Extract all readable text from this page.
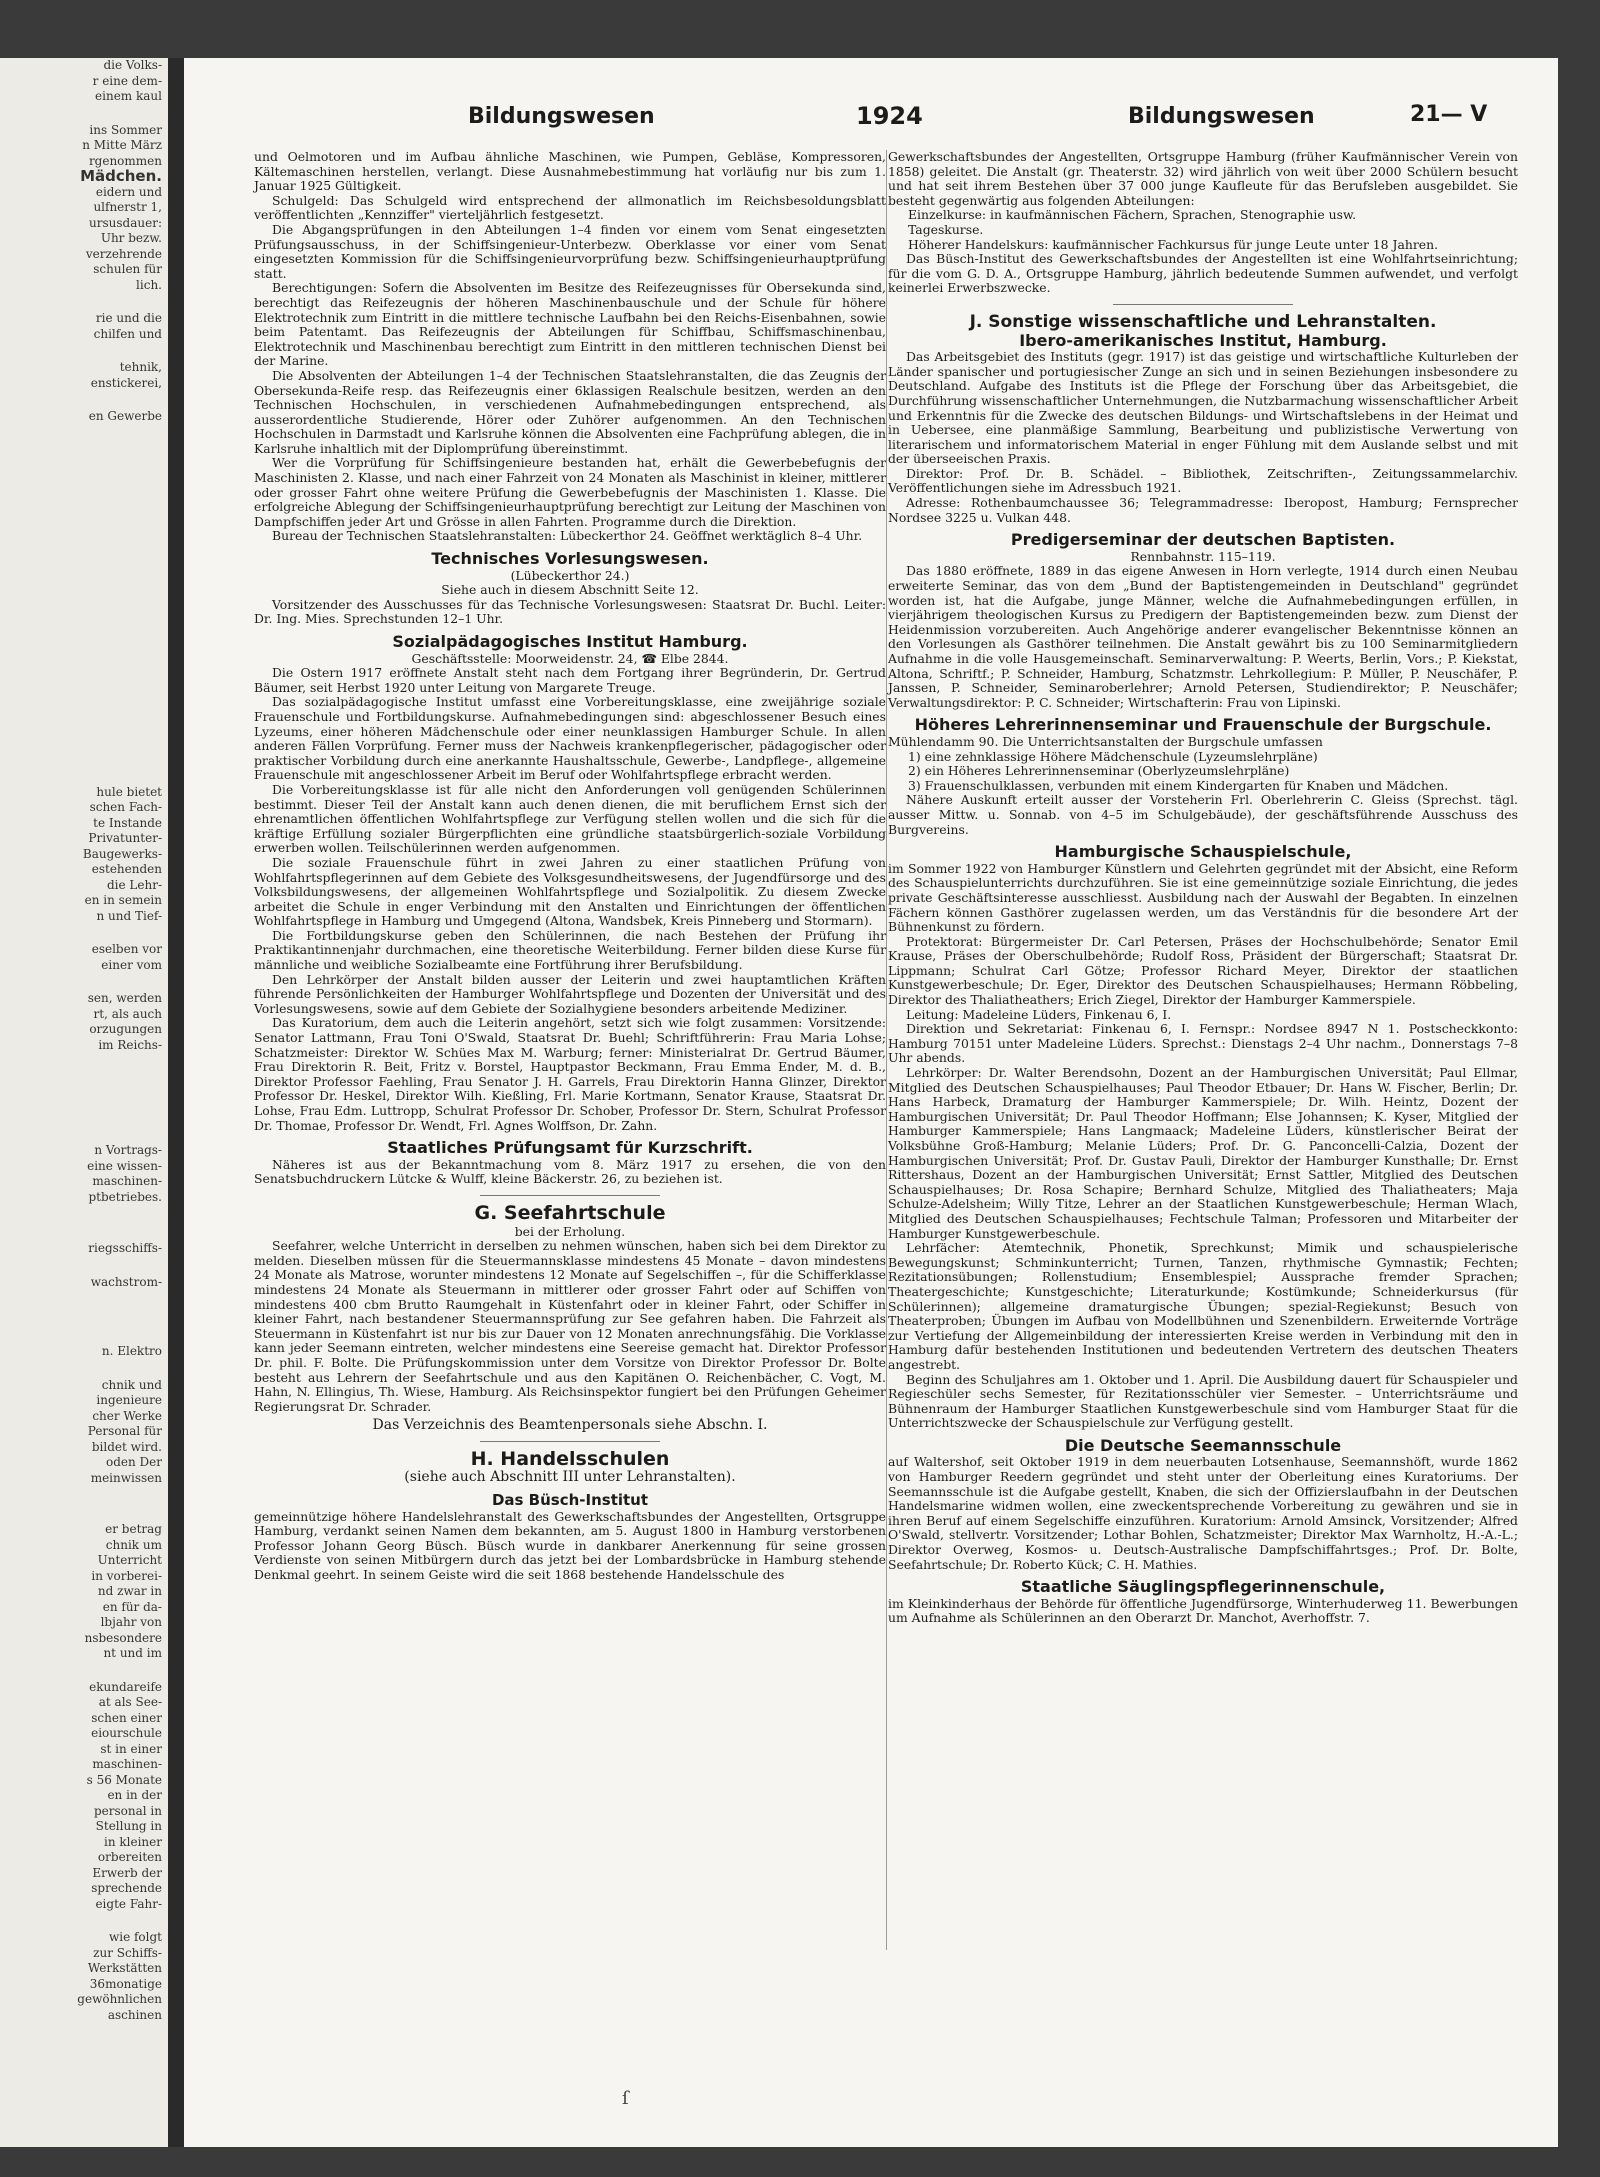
die Volks-
r eine dem-
einem kaul
ins Sommer
n Mitte März
rgenommen
Mädchen.
eidern und
ulfnerstr 1,
ursusdauer:
Uhr bezw.
verzehrende
schulen für
lich.
rie und die
chilfen und
tehnik,
enstickerei,
en Gewerbe
hule bietet
schen Fach-
te Instande
Privatunter-
Baugewerks-
estehenden
die Lehr-
en in semein
n und Tief-
eselben vor
einer vom
sen, werden
rt, als auch
orzugungen
im Reichs-
n Vortrags-
eine wissen-
maschinen-
ptbetriebes.
riegsschiffs-
wachstrom-
n. Elektro
chnik und
ingenieure
cher Werke
Personal für
bildet wird.
oden Der
meinwissen
er betrag
chnik um
Unterricht
in vorberei-
nd zwar in
en für da-
lbjahr von
nsbesondere
nt und im
ekundareife
at als See-
schen einer
eiourschule
st in einer
maschinen-
s 56 Monate
en in der
personal in
Stellung in
in kleiner
orbereiten
Erwerb der
sprechende
eigte Fahr-
wie folgt
zur Schiffs-
Werkstätten
36monatige
gewöhnlichen
aschinen
Bildungswesen	1924	Bildungswesen	21— V

und Oelmotoren und im Aufbau ähnliche Maschinen, wie Pumpen, Gebläse, Kompressoren, Kältemaschinen herstellen, verlangt. Diese Ausnahmebestimmung hat vorläufig nur bis zum 1. Januar 1925 Gültigkeit.

Schulgeld: Das Schulgeld wird entsprechend der allmonatlich im Reichsbesoldungsblatt veröffentlichten „Kennziffer" vierteljährlich festgesetzt.

Die Abgangsprüfungen in den Abteilungen 1–4 finden vor einem vom Senat eingesetzten Prüfungsausschuss, in der Schiffsingenieur-Unterbezw. Oberklasse vor einer vom Senat eingesetzten Kommission für die Schiffsingenieurvorprüfung bezw. Schiffsingenieurhauptprüfung statt.

Berechtigungen: Sofern die Absolventen im Besitze des Reifezeugnisses für Obersekunda sind, berechtigt das Reifezeugnis der höheren Maschinenbauschule und der Schule für höhere Elektrotechnik zum Eintritt in die mittlere technische Laufbahn bei den Reichs-Eisenbahnen, sowie beim Patentamt. Das Reifezeugnis der Abteilungen für Schiffbau, Schiffsmaschinenbau, Elektrotechnik und Maschinenbau berechtigt zum Eintritt in den mittleren technischen Dienst bei der Marine.

Die Absolventen der Abteilungen 1–4 der Technischen Staatslehranstalten, die das Zeugnis der Obersekunda-Reife resp. das Reifezeugnis einer 6klassigen Realschule besitzen, werden an den Technischen Hochschulen, in verschiedenen Aufnahmebedingungen entsprechend, als ausserordentliche Studierende, Hörer oder Zuhörer aufgenommen. An den Technischen Hochschulen in Darmstadt und Karlsruhe können die Absolventen eine Fachprüfung ablegen, die in Karlsruhe inhaltlich mit der Diplomprüfung übereinstimmt.

Wer die Vorprüfung für Schiffsingenieure bestanden hat, erhält die Gewerbebefugnis der Maschinisten 2. Klasse, und nach einer Fahrzeit von 24 Monaten als Maschinist in kleiner, mittlerer oder grosser Fahrt ohne weitere Prüfung die Gewerbebefugnis der Maschinisten 1. Klasse. Die erfolgreiche Ablegung der Schiffsingenieurhauptprüfung berechtigt zur Leitung der Maschinen von Dampfschiffen jeder Art und Grösse in allen Fahrten. Programme durch die Direktion.

Bureau der Technischen Staatslehranstalten: Lübeckerthor 24. Geöffnet werktäglich 8–4 Uhr.

Technisches Vorlesungswesen.
(Lübeckerthor 24.)

Siehe auch in diesem Abschnitt Seite 12.

Vorsitzender des Ausschusses für das Technische Vorlesungswesen: Staatsrat Dr. Buchl. Leiter: Dr. Ing. Mies. Sprechstunden 12–1 Uhr.

Sozialpädagogisches Institut Hamburg.
Geschäftsstelle: Moorweidenstr. 24, ☎ Elbe 2844.

Die Ostern 1917 eröffnete Anstalt steht nach dem Fortgang ihrer Begründerin, Dr. Gertrud Bäumer, seit Herbst 1920 unter Leitung von Margarete Treuge.

Das sozialpädagogische Institut umfasst eine Vorbereitungsklasse, eine zweijährige soziale Frauenschule und Fortbildungskurse. Aufnahmebedingungen sind: abgeschlossener Besuch eines Lyzeums, einer höheren Mädchenschule oder einer neunklassigen Hamburger Schule. In allen anderen Fällen Vorprüfung. Ferner muss der Nachweis krankenpflegerischer, pädagogischer oder praktischer Vorbildung durch eine anerkannte Haushaltsschule, Gewerbe-, Landpflege-, allgemeine Frauenschule mit angeschlossener Arbeit im Beruf oder Wohlfahrtspflege erbracht werden.

Die Vorbereitungsklasse ist für alle nicht den Anforderungen voll genügenden Schülerinnen bestimmt. Dieser Teil der Anstalt kann auch denen dienen, die mit beruflichem Ernst sich der ehrenamtlichen öffentlichen Wohlfahrtspflege zur Verfügung stellen wollen und die sich für die kräftige Erfüllung sozialer Bürgerpflichten eine gründliche staatsbürgerlich-soziale Vorbildung erwerben wollen. Teilschülerinnen werden aufgenommen.

Die soziale Frauenschule führt in zwei Jahren zu einer staatlichen Prüfung von Wohlfahrtspflegerinnen auf dem Gebiete des Volksgesundheitswesens, der Jugendfürsorge und des Volksbildungswesens, der allgemeinen Wohlfahrtspflege und Sozialpolitik. Zu diesem Zwecke arbeitet die Schule in enger Verbindung mit den Anstalten und Einrichtungen der öffentlichen Wohlfahrtspflege in Hamburg und Umgegend (Altona, Wandsbek, Kreis Pinneberg und Stormarn).

Die Fortbildungskurse geben den Schülerinnen, die nach Bestehen der Prüfung ihr Praktikantinnenjahr durchmachen, eine theoretische Weiterbildung. Ferner bilden diese Kurse für männliche und weibliche Sozialbeamte eine Fortführung ihrer Berufsbildung.

Den Lehrkörper der Anstalt bilden ausser der Leiterin und zwei hauptamtlichen Kräften führende Persönlichkeiten der Hamburger Wohlfahrtspflege und Dozenten der Universität und des Vorlesungswesens, sowie auf dem Gebiete der Sozialhygiene besonders arbeitende Mediziner.

Das Kuratorium, dem auch die Leiterin angehört, setzt sich wie folgt zusammen: Vorsitzende: Senator Lattmann, Frau Toni O'Swald, Staatsrat Dr. Buehl; Schriftführerin: Frau Maria Lohse; Schatzmeister: Direktor W. Schües Max M. Warburg; ferner: Ministerialrat Dr. Gertrud Bäumer, Frau Direktorin R. Beit, Fritz v. Borstel, Hauptpastor Beckmann, Frau Emma Ender, M. d. B., Direktor Professor Faehling, Frau Senator J. H. Garrels, Frau Direktorin Hanna Glinzer, Direktor Professor Dr. Heskel, Direktor Wilh. Kießling, Frl. Marie Kortmann, Senator Krause, Staatsrat Dr. Lohse, Frau Edm. Luttropp, Schulrat Professor Dr. Schober, Professor Dr. Stern, Schulrat Professor Dr. Thomae, Professor Dr. Wendt, Frl. Agnes Wolffson, Dr. Zahn.

Staatliches Prüfungsamt für Kurzschrift.

Näheres ist aus der Bekanntmachung vom 8. März 1917 zu ersehen, die von den Senatsbuchdruckern Lütcke & Wulff, kleine Bäckerstr. 26, zu beziehen ist.

G. Seefahrtschule
bei der Erholung.

Seefahrer, welche Unterricht in derselben zu nehmen wünschen, haben sich bei dem Direktor zu melden. Dieselben müssen für die Steuermannsklasse mindestens 45 Monate – davon mindestens 24 Monate als Matrose, worunter mindestens 12 Monate auf Segelschiffen –, für die Schifferklasse mindestens 24 Monate als Steuermann in mittlerer oder grosser Fahrt oder auf Schiffen von mindestens 400 cbm Brutto Raumgehalt in Küstenfahrt oder in kleiner Fahrt, oder Schiffer in kleiner Fahrt, nach bestandener Steuermannsprüfung zur See gefahren haben. Die Fahrzeit als Steuermann in Küstenfahrt ist nur bis zur Dauer von 12 Monaten anrechnungsfähig. Die Vorklasse kann jeder Seemann eintreten, welcher mindestens eine Seereise gemacht hat. Direktor Professor Dr. phil. F. Bolte. Die Prüfungskommission unter dem Vorsitze von Direktor Professor Dr. Bolte besteht aus Lehrern der Seefahrtschule und aus den Kapitänen O. Reichenbächer, C. Vogt, M. Hahn, N. Ellingius, Th. Wiese, Hamburg. Als Reichsinspektor fungiert bei den Prüfungen Geheimer Regierungsrat Dr. Schrader.

Das Verzeichnis des Beamtenpersonals siehe Abschn. I.

H. Handelsschulen
(siehe auch Abschnitt III unter Lehranstalten).
Das Büsch-Institut

gemeinnützige höhere Handelslehranstalt des Gewerkschaftsbundes der Angestellten, Ortsgruppe Hamburg, verdankt seinen Namen dem bekannten, am 5. August 1800 in Hamburg verstorbenen Professor Johann Georg Büsch. Büsch wurde in dankbarer Anerkennung für seine grossen Verdienste von seinen Mitbürgern durch das jetzt bei der Lombardsbrücke in Hamburg stehende Denkmal geehrt. In seinem Geiste wird die seit 1868 bestehende Handelsschule des

Gewerkschaftsbundes der Angestellten, Ortsgruppe Hamburg (früher Kaufmännischer Verein von 1858) geleitet. Die Anstalt (gr. Theaterstr. 32) wird jährlich von weit über 2000 Schülern besucht und hat seit ihrem Bestehen über 37 000 junge Kaufleute für das Berufsleben ausgebildet. Sie besteht gegenwärtig aus folgenden Abteilungen:

Einzelkurse: in kaufmännischen Fächern, Sprachen, Stenographie usw.

Tageskurse.

Höherer Handelskurs: kaufmännischer Fachkursus für junge Leute unter 18 Jahren.

Das Büsch-Institut des Gewerkschaftsbundes der Angestellten ist eine Wohlfahrtseinrichtung; für die vom G. D. A., Ortsgruppe Hamburg, jährlich bedeutende Summen aufwendet, und verfolgt keinerlei Erwerbszwecke.

J. Sonstige wissenschaftliche und Lehranstalten.
Ibero-amerikanisches Institut, Hamburg.

Das Arbeitsgebiet des Instituts (gegr. 1917) ist das geistige und wirtschaftliche Kulturleben der Länder spanischer und portugiesischer Zunge an sich und in seinen Beziehungen insbesondere zu Deutschland. Aufgabe des Instituts ist die Pflege der Forschung über das Arbeitsgebiet, die Durchführung wissenschaftlicher Unternehmungen, die Nutzbarmachung wissenschaftlicher Arbeit und Erkenntnis für die Zwecke des deutschen Bildungs- und Wirtschaftslebens in der Heimat und in Uebersee, eine planmäßige Sammlung, Bearbeitung und publizistische Verwertung von literarischem und informatorischem Material in enger Fühlung mit dem Auslande selbst und mit der überseeischen Praxis.

Direktor: Prof. Dr. B. Schädel. – Bibliothek, Zeitschriften-, Zeitungssammelarchiv. Veröffentlichungen siehe im Adressbuch 1921.

Adresse: Rothenbaumchaussee 36; Telegrammadresse: Iberopost, Hamburg; Fernsprecher Nordsee 3225 u. Vulkan 448.

Predigerseminar der deutschen Baptisten.
Rennbahnstr. 115–119.

Das 1880 eröffnete, 1889 in das eigene Anwesen in Horn verlegte, 1914 durch einen Neubau erweiterte Seminar, das von dem „Bund der Baptistengemeinden in Deutschland" gegründet worden ist, hat die Aufgabe, junge Männer, welche die Aufnahmebedingungen erfüllen, in vierjährigem theologischen Kursus zu Predigern der Baptistengemeinden bezw. zum Dienst der Heidenmission vorzubereiten. Auch Angehörige anderer evangelischer Bekenntnisse können an den Vorlesungen als Gasthörer teilnehmen. Die Anstalt gewährt bis zu 100 Seminarmitgliedern Aufnahme in die volle Hausgemeinschaft. Seminarverwaltung: P. Weerts, Berlin, Vors.; P. Kiekstat, Altona, Schriftf.; P. Schneider, Hamburg, Schatzmstr. Lehrkollegium: P. Müller, P. Neuschäfer, P. Janssen, P. Schneider, Seminaroberlehrer; Arnold Petersen, Studiendirektor; P. Neuschäfer; Verwaltungsdirektor: P. C. Schneider; Wirtschafterin: Frau von Lipinski.

Höheres Lehrerinnenseminar und Frauenschule der Burgschule.

Mühlendamm 90. Die Unterrichtsanstalten der Burgschule umfassen

1) eine zehnklassige Höhere Mädchenschule (Lyzeumslehrpläne)

2) ein Höheres Lehrerinnenseminar (Oberlyzeumslehrpläne)

3) Frauenschulklassen, verbunden mit einem Kindergarten für Knaben und Mädchen.

Nähere Auskunft erteilt ausser der Vorsteherin Frl. Oberlehrerin C. Gleiss (Sprechst. tägl. ausser Mittw. u. Sonnab. von 4–5 im Schulgebäude), der geschäftsführende Ausschuss des Burgvereins.

Hamburgische Schauspielschule,

im Sommer 1922 von Hamburger Künstlern und Gelehrten gegründet mit der Absicht, eine Reform des Schauspielunterrichts durchzuführen. Sie ist eine gemeinnützige soziale Einrichtung, die jedes private Geschäftsinteresse ausschliesst. Ausbildung nach der Auswahl der Begabten. In einzelnen Fächern können Gasthörer zugelassen werden, um das Verständnis für die besondere Art der Bühnenkunst zu fördern.

Protektorat: Bürgermeister Dr. Carl Petersen, Präses der Hochschulbehörde; Senator Emil Krause, Präses der Oberschulbehörde; Rudolf Ross, Präsident der Bürgerschaft; Staatsrat Dr. Lippmann; Schulrat Carl Götze; Professor Richard Meyer, Direktor der staatlichen Kunstgewerbeschule; Dr. Eger, Direktor des Deutschen Schauspielhauses; Hermann Röbbeling, Direktor des Thaliatheathers; Erich Ziegel, Direktor der Hamburger Kammerspiele.

Leitung: Madeleine Lüders, Finkenau 6, I.

Direktion und Sekretariat: Finkenau 6, I. Fernspr.: Nordsee 8947 N 1. Postscheckkonto: Hamburg 70151 unter Madeleine Lüders. Sprechst.: Dienstags 2–4 Uhr nachm., Donnerstags 7–8 Uhr abends.

Lehrkörper: Dr. Walter Berendsohn, Dozent an der Hamburgischen Universität; Paul Ellmar, Mitglied des Deutschen Schauspielhauses; Paul Theodor Etbauer; Dr. Hans W. Fischer, Berlin; Dr. Hans Harbeck, Dramaturg der Hamburger Kammerspiele; Dr. Wilh. Heintz, Dozent der Hamburgischen Universität; Dr. Paul Theodor Hoffmann; Else Johannsen; K. Kyser, Mitglied der Hamburger Kammerspiele; Hans Langmaack; Madeleine Lüders, künstlerischer Beirat der Volksbühne Groß-Hamburg; Melanie Lüders; Prof. Dr. G. Panconcelli-Calzia, Dozent der Hamburgischen Universität; Prof. Dr. Gustav Pauli, Direktor der Hamburger Kunsthalle; Dr. Ernst Rittershaus, Dozent an der Hamburgischen Universität; Ernst Sattler, Mitglied des Deutschen Schauspielhauses; Dr. Rosa Schapire; Bernhard Schulze, Mitglied des Thaliatheaters; Maja Schulze-Adelsheim; Willy Titze, Lehrer an der Staatlichen Kunstgewerbeschule; Herman Wlach, Mitglied des Deutschen Schauspielhauses; Fechtschule Talman; Professoren und Mitarbeiter der Hamburger Kunstgewerbeschule.

Lehrfächer: Atemtechnik, Phonetik, Sprechkunst; Mimik und schauspielerische Bewegungskunst; Schminkunterricht; Turnen, Tanzen, rhythmische Gymnastik; Fechten; Rezitationsübungen; Rollenstudium; Ensemblespiel; Aussprache fremder Sprachen; Theatergeschichte; Kunstgeschichte; Literaturkunde; Kostümkunde; Schneiderkursus (für Schülerinnen); allgemeine dramaturgische Übungen; spezial-Regiekunst; Besuch von Theaterproben; Übungen im Aufbau von Modellbühnen und Szenenbildern. Erweiternde Vorträge zur Vertiefung der Allgemeinbildung der interessierten Kreise werden in Verbindung mit den in Hamburg dafür bestehenden Institutionen und bedeutenden Vertretern des deutschen Theaters angestrebt.

Beginn des Schuljahres am 1. Oktober und 1. April. Die Ausbildung dauert für Schauspieler und Regieschüler sechs Semester, für Rezitationsschüler vier Semester. – Unterrichtsräume und Bühnenraum der Hamburger Staatlichen Kunstgewerbeschule sind vom Hamburger Staat für die Unterrichtszwecke der Schauspielschule zur Verfügung gestellt.

Die Deutsche Seemannsschule

auf Waltershof, seit Oktober 1919 in dem neuerbauten Lotsenhause, Seemannshöft, wurde 1862 von Hamburger Reedern gegründet und steht unter der Oberleitung eines Kuratoriums. Der Seemannsschule ist die Aufgabe gestellt, Knaben, die sich der Offizierslaufbahn in der Deutschen Handelsmarine widmen wollen, eine zweckentsprechende Vorbereitung zu gewähren und sie in ihren Beruf auf einem Segelschiffe einzuführen. Kuratorium: Arnold Amsinck, Vorsitzender; Alfred O'Swald, stellvertr. Vorsitzender; Lothar Bohlen, Schatzmeister; Direktor Max Warnholtz, H.-A.-L.; Direktor Overweg, Kosmos- u. Deutsch-Australische Dampfschiffahrtsges.; Prof. Dr. Bolte, Seefahrtschule; Dr. Roberto Kück; C. H. Mathies.

Staatliche Säuglingspflegerinnenschule,

im Kleinkinderhaus der Behörde für öffentliche Jugendfürsorge, Winterhuderweg 11. Bewerbungen um Aufnahme als Schülerinnen an den Oberarzt Dr. Manchot, Averhoffstr. 7.

ſ
